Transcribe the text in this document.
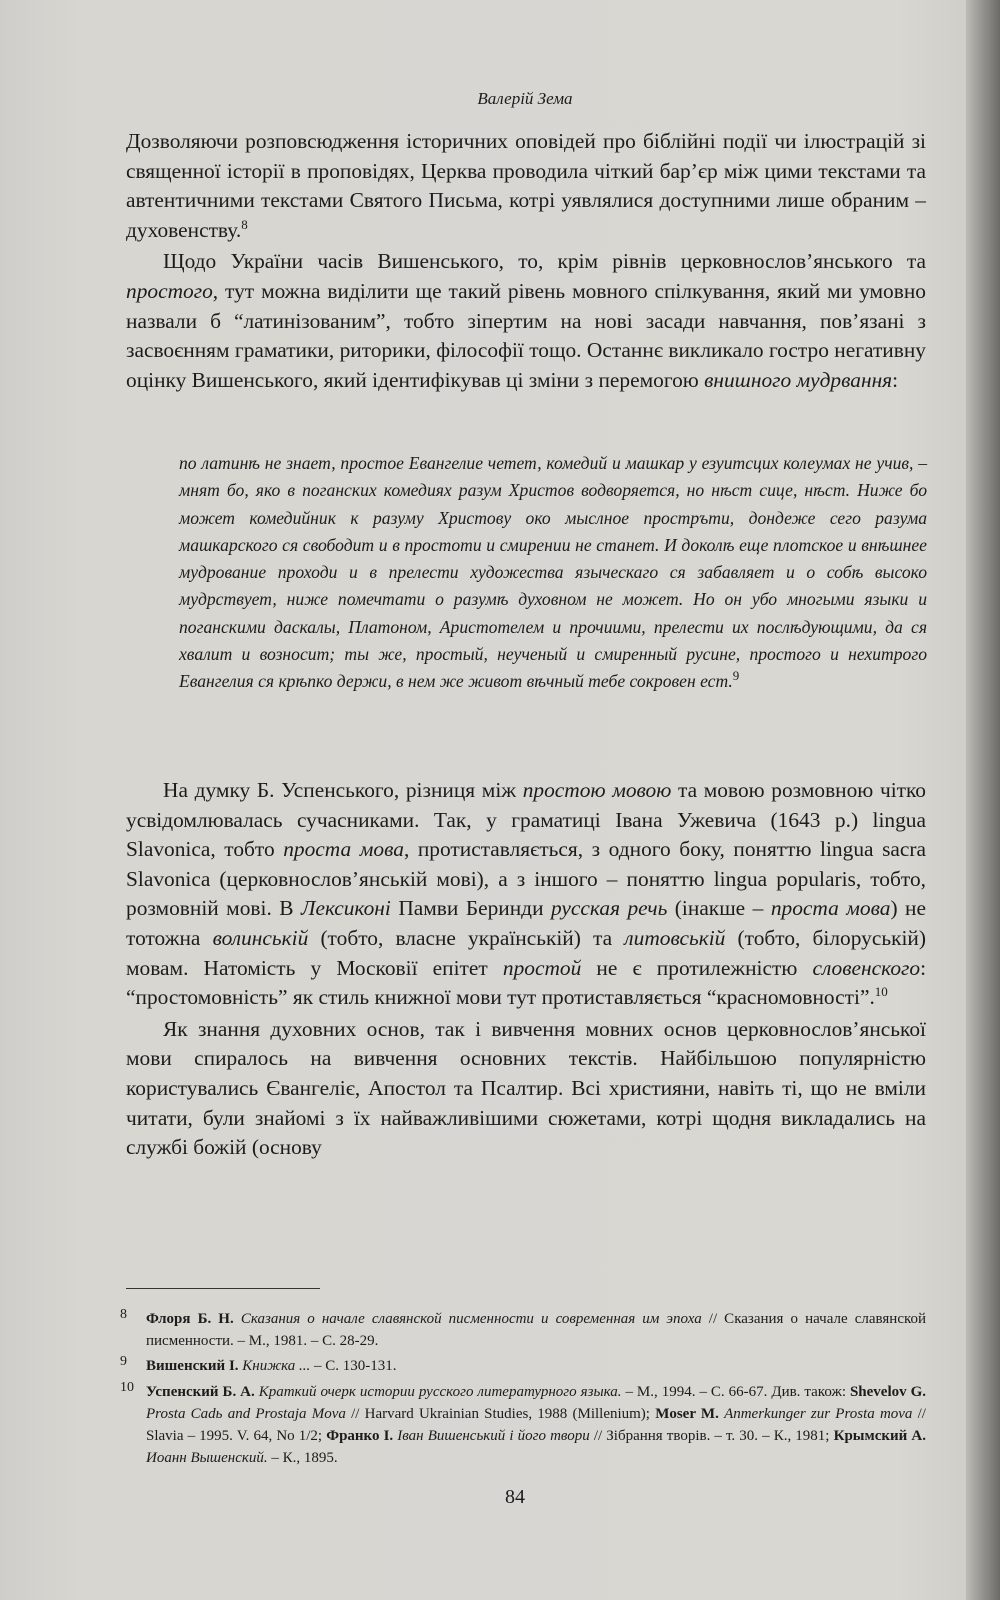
Валерій Зема

Дозволяючи розповсюдження історичних оповідей про біблійні події чи ілюстрацій зі священної історії в проповідях, Церква проводила чіткий бар’єр між цими текстами та автентичними текстами Святого Письма, котрі уявлялися доступними лише обраним – духовенству.$^8$

Щодо України часів Вишенського, то, крім рівнів церковнослов’янського та простого, тут можна виділити ще такий рівень мовного спілкування, який ми умовно назвали б “латинізованим”, тобто зіпертим на нові засади навчання, пов’язані з засвоєнням граматики, риторики, філософії тощо. Останнє викликало гостро негативну оцінку Вишенського, який ідентифікував ці зміни з перемогою внишного мудрвання:

по латинѣ не знает, простое Евангелие четет, комедий и машкар у езуитсцих колеумах не учив, – мнят бо, яко в поганских комедиях разум Христов водворяется, но нѣст сице, нѣст. Ниже бо может комедийник к разуму Христову око мыслное простръти, дондеже сего разума машкарского ся свободит и в простоти и смирении не станет. И доколѣ еще плотское и внѣшнее мудрование проходи и в прелести художества языческаго ся забавляет и о собѣ высоко мудрствует, ниже помечтати о разумѣ духовном не может. Но он убо многыми языки и поганскими даскалы, Платоном, Аристотелем и прочиими, прелести их послѣдующими, да ся хвалит и возносит; ты же, простый, неученый и смиренный русине, простого и нехитрого Евангелия ся крѣпко держи, в нем же живот вѣчный тебе сокровен ест.$^9$

На думку Б. Успенського, різниця між простою мовою та мовою розмовною чітко усвідомлювалась сучасниками. Так, у граматиці Івана Ужевича (1643 р.) lingua Slavonica, тобто проста мова, протиставляється, з одного боку, поняттю lingua sacra Slavonica (церковнослов’янській мові), а з іншого – поняттю lingua popularis, тобто, розмовній мові. В Лексиконі Памви Беринди русская речь (інакше – проста мова) не тотожна волинській (тобто, власне українській) та литовській (тобто, білоруській) мовам. Натомість у Московії епітет простой не є протилежністю словенского: “простомовність” як стиль книжної мови тут протиставляється “красномовності”.$^{10}$

Як знання духовних основ, так і вивчення мовних основ церковнослов’янської мови спиралось на вивчення основних текстів. Найбільшою популярністю користувались Євангеліє, Апостол та Псалтир. Всі християни, навіть ті, що не вміли читати, були знайомі з їх найважливішими сюжетами, котрі щодня викладались на службі божій (основу

8	Флоря Б. Н. Сказания о начале славянской писменности и современная им эпоха // Сказания о начале славянской писменности. – М., 1981. – С. 28-29.
9	Вишенский І. Книжка ... – С. 130-131.
10 Успенский Б. А. Краткий очерк истории русского литературного языка. – М., 1994. – С. 66-67. Див. також: Shevelov G. Prosta Cadь and Prostaja Mova // Harvard Ukrainian Studies, 1988 (Millenium); Moser M. Anmerkunger zur Prosta mova // Slavia – 1995. V. 64, No 1/2; Франко І. Іван Вишенський і його твори // Зібрання творів. – т. 30. – К., 1981; Крымский А. Иоанн Вышенский. – К., 1895.
84
